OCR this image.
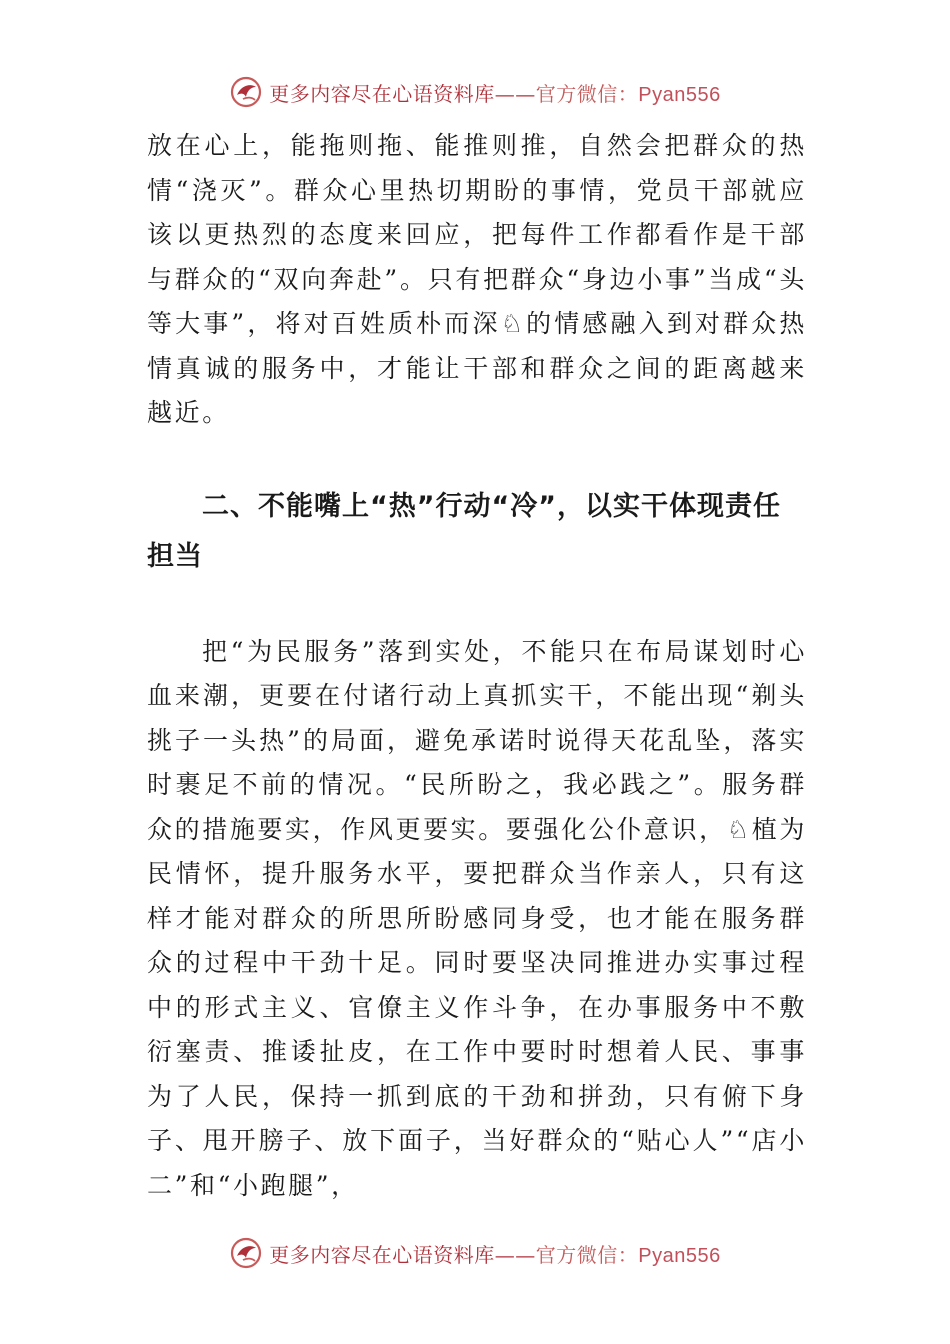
更多内容尽在心语资料库——官方微信：Pyan556

放在心上，能拖则拖、能推则推，自然会把群众的热情“浇灭”。群众心里热切期盼的事情，党员干部就应该以更热烈的态度来回应，把每件工作都看作是干部与群众的“双向奔赴”。只有把群众“身边小事”当成“头等大事”，将对百姓质朴而深♘的情感融入到对群众热情真诚的服务中，才能让干部和群众之间的距离越来越近。

二、不能嘴上“热”行动“冷”，以实干体现责任担当

把“为民服务”落到实处，不能只在布局谋划时心血来潮，更要在付诸行动上真抓实干，不能出现“剃头挑子一头热”的局面，避免承诺时说得天花乱坠，落实时裹足不前的情况。“民所盼之，我必践之”。服务群众的措施要实，作风更要实。要强化公仆意识，♘植为民情怀，提升服务水平，要把群众当作亲人，只有这样才能对群众的所思所盼感同身受，也才能在服务群众的过程中干劲十足。同时要坚决同推进办实事过程中的形式主义、官僚主义作斗争，在办事服务中不敷衍塞责、推诿扯皮，在工作中要时时想着人民、事事为了人民，保持一抓到底的干劲和拼劲，只有俯下身子、甩开膀子、放下面子，当好群众的“贴心人”“店小二”和“小跑腿”，

更多内容尽在心语资料库——官方微信：Pyan556
